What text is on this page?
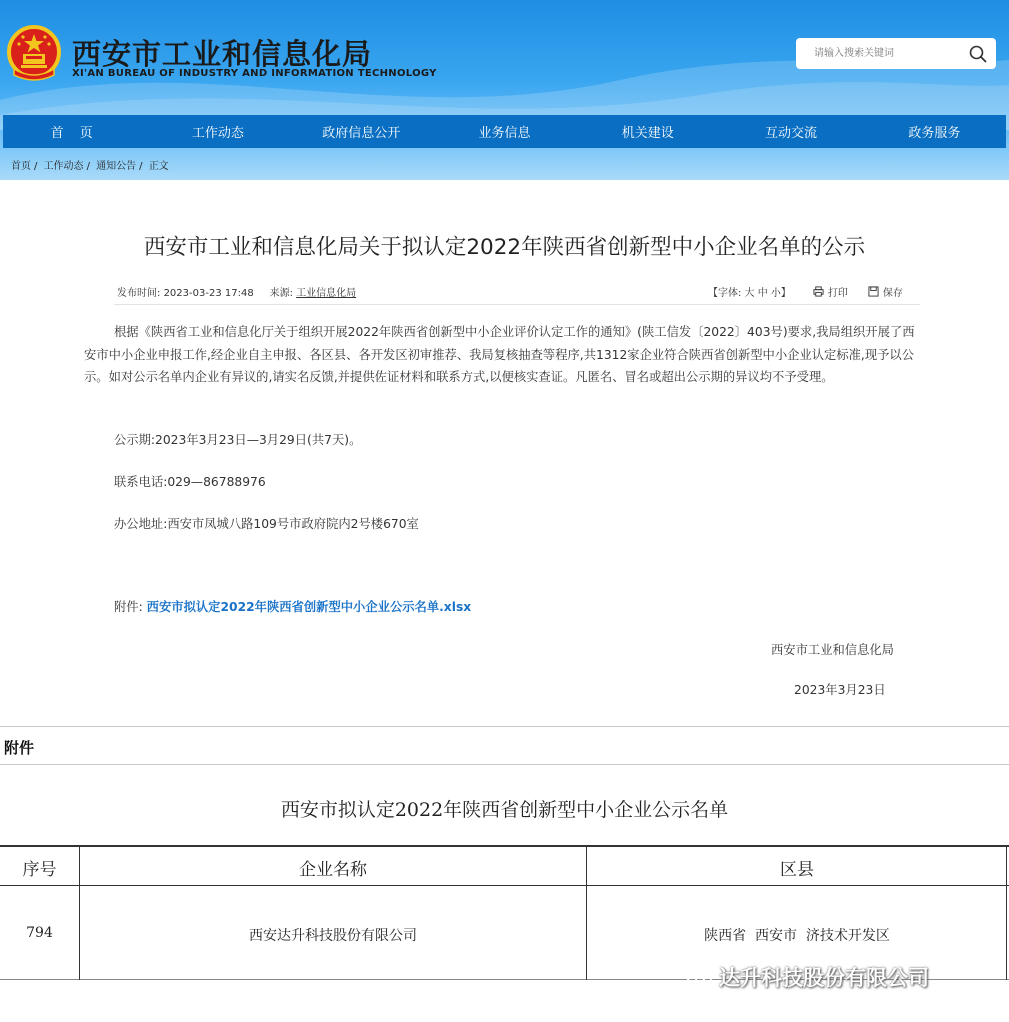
西安市工业和信息化局
XI'AN BUREAU OF INDUSTRY AND INFORMATION TECHNOLOGY
请输入搜索关键词
首 页	工作动态	政府信息公开	业务信息	机关建设	互动交流	政务服务
首页 / 工作动态 / 通知公告 / 正文
西安市工业和信息化局关于拟认定2022年陕西省创新型中小企业名单的公示
发布时间: 2023-03-23 17:48 来源: 工业信息化局	【字体: 大 中 小】	打印	保存
根据《陕西省工业和信息化厅关于组织开展2022年陕西省创新型中小企业评价认定工作的通知》(陕工信发〔2022〕403号)要求,我局组织开展了西安市中小企业申报工作,经企业自主申报、各区县、各开发区初审推荐、我局复核抽查等程序,共1312家企业符合陕西省创新型中小企业认定标准,现予以公示。如对公示名单内企业有异议的,请实名反馈,并提供佐证材料和联系方式,以便核实查证。凡匿名、冒名或超出公示期的异议均不予受理。
公示期:2023年3月23日—3月29日(共7天)。
联系电话:029—86788976
办公地址:西安市凤城八路109号市政府院内2号楼670室
附件: 西安市拟认定2022年陕西省创新型中小企业公示名单.xlsx
西安市工业和信息化局
2023年3月23日
附件
西安市拟认定2022年陕西省创新型中小企业公示名单
序号	企业名称	区县
794	西安达升科技股份有限公司	陕西省  西安市  济技术开发区
达升科技股份有限公司
